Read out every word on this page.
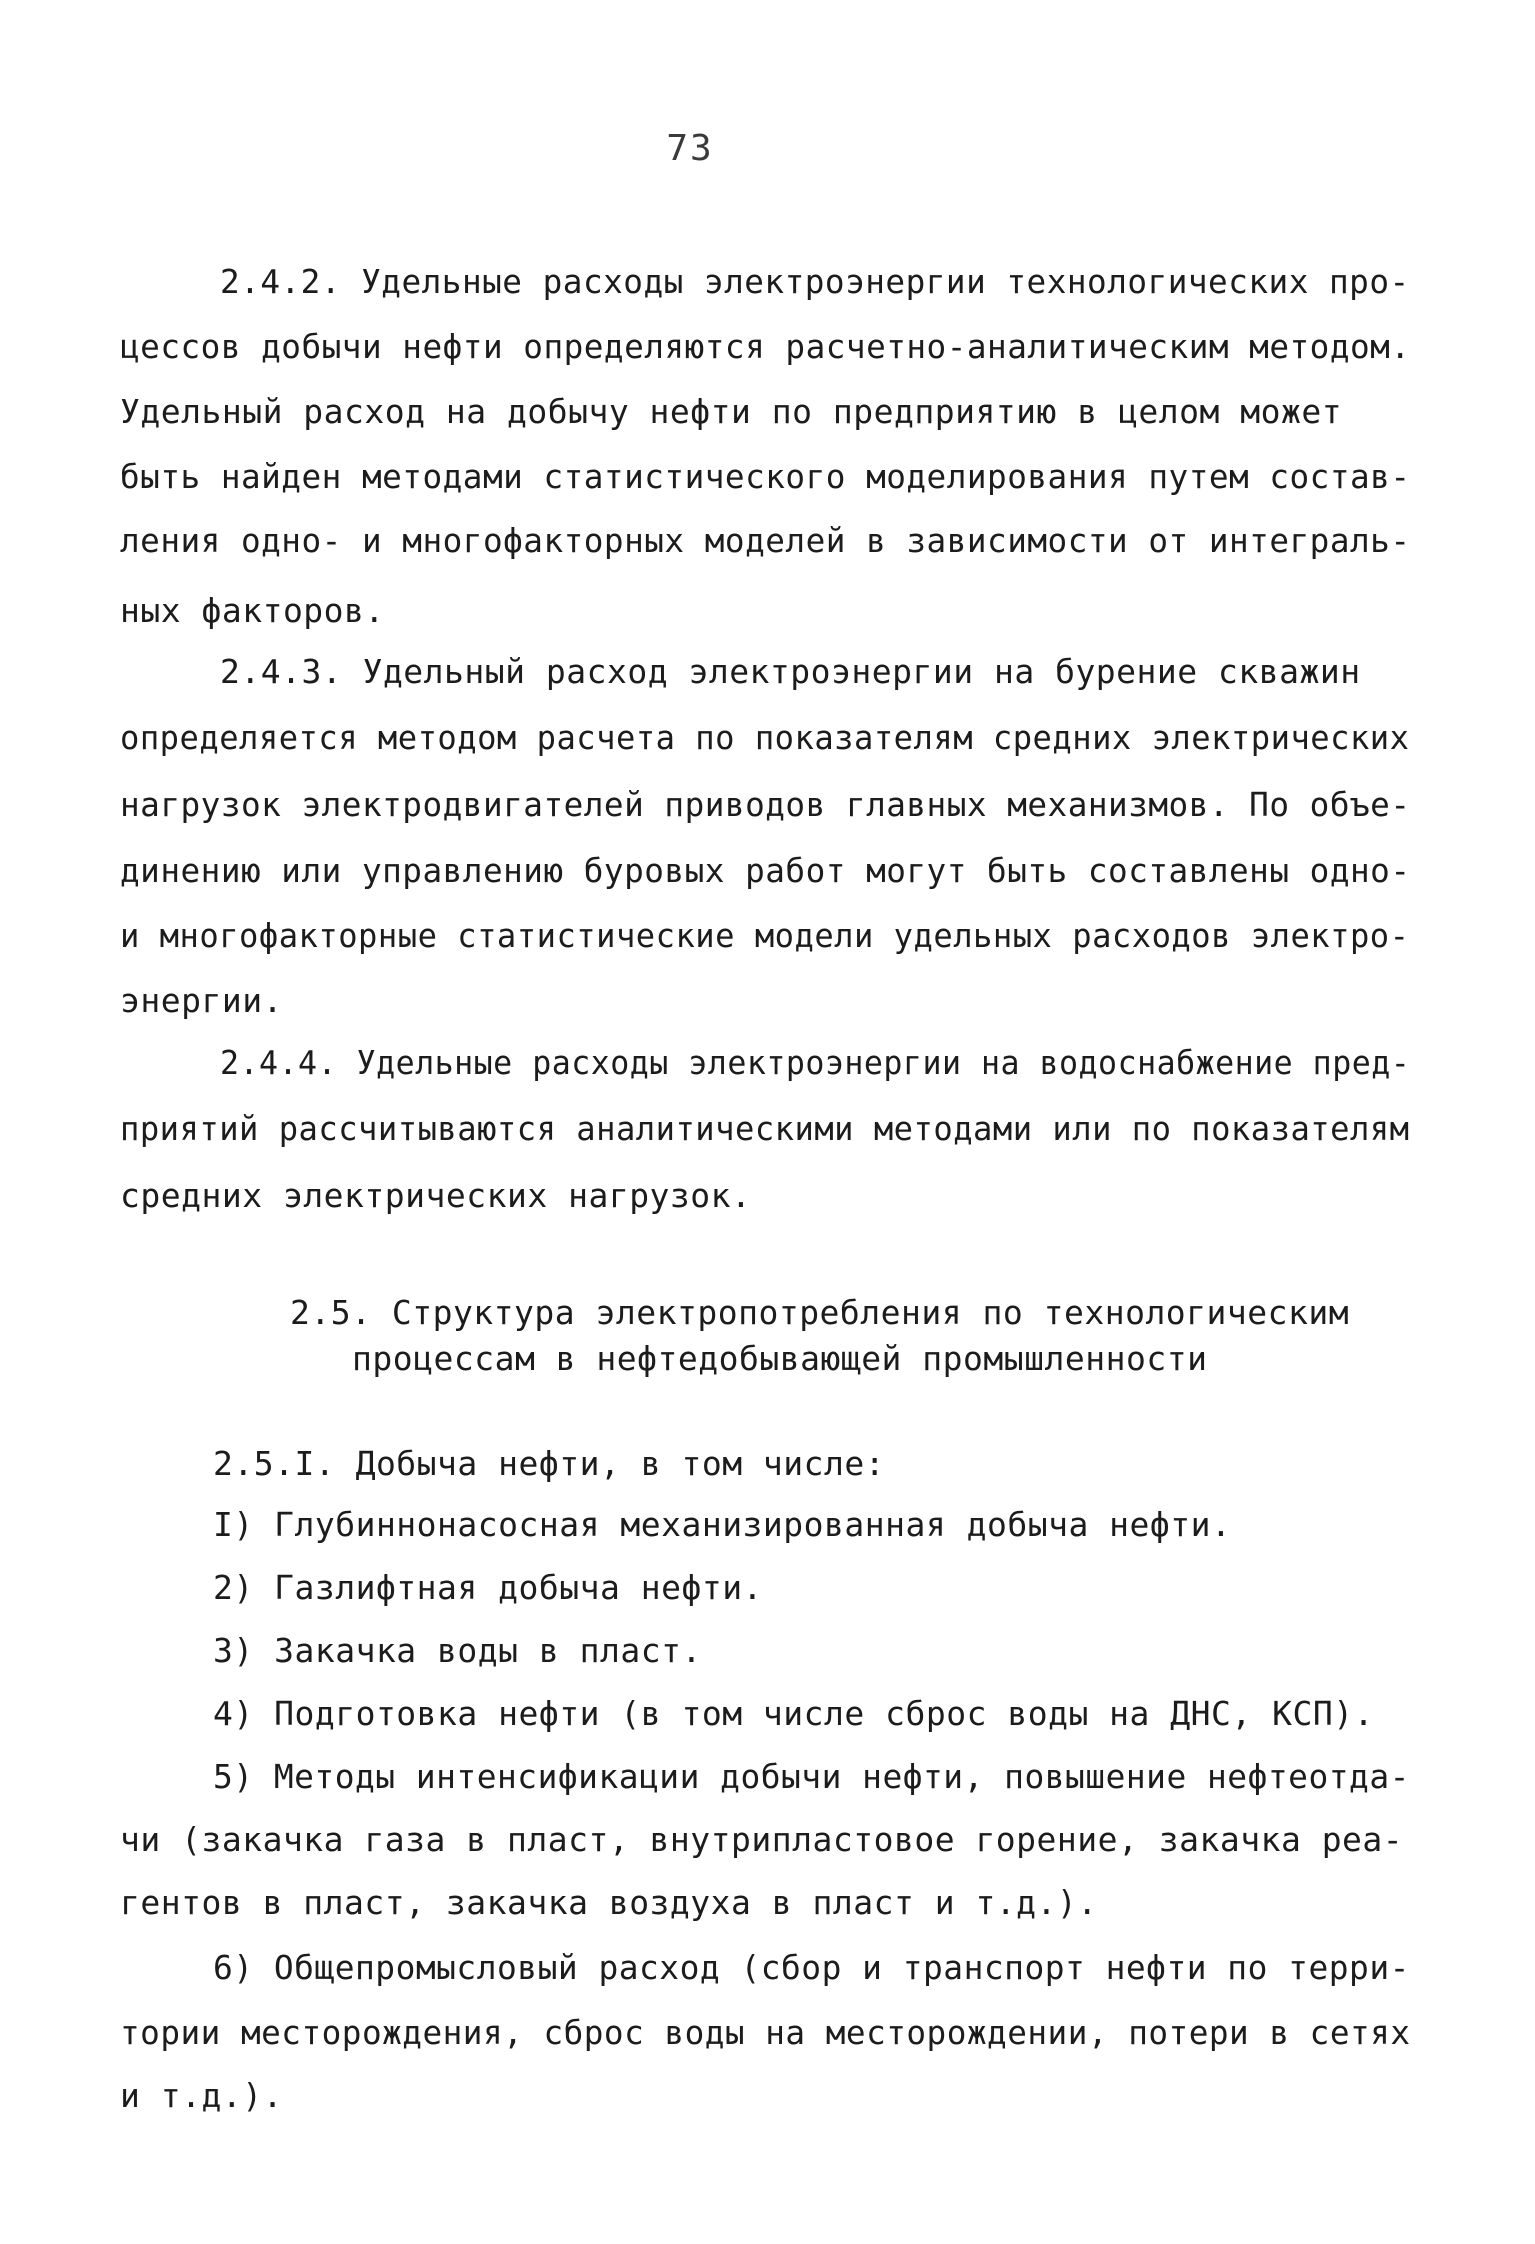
73
2.4.2. Удельные расходы электроэнергии технологических про-
цессов добычи нефти определяются расчетно-аналитическим методом.
Удельный расход на добычу нефти по предприятию в целом может
быть найден методами статистического моделирования путем состав-
ления одно- и многофакторных моделей в зависимости от интеграль-
ных факторов.
2.4.3. Удельный расход электроэнергии на бурение скважин
определяется методом расчета по показателям средних электрических
нагрузок электродвигателей приводов главных механизмов. По объе-
динению или управлению буровых работ могут быть составлены одно-
и многофакторные статистические модели удельных расходов электро-
энергии.
2.4.4. Удельные расходы электроэнергии на водоснабжение пред-
приятий рассчитываются аналитическими методами или по показателям
средних электрических нагрузок.
2.5. Структура электропотребления по технологическим
процессам в нефтедобывающей промышленности
2.5.I. Добыча нефти, в том числе:
I) Глубиннонасосная механизированная добыча нефти.
2) Газлифтная добыча нефти.
3) Закачка воды в пласт.
4) Подготовка нефти (в том числе сброс воды на ДНС, КСП).
5) Методы интенсификации добычи нефти, повышение нефтеотда-
чи (закачка газа в пласт, внутрипластовое горение, закачка реа-
гентов в пласт, закачка воздуха в пласт и т.д.).
6) Общепромысловый расход (сбор и транспорт нефти по терри-
тории месторождения, сброс воды на месторождении, потери в сетях
и т.д.).
